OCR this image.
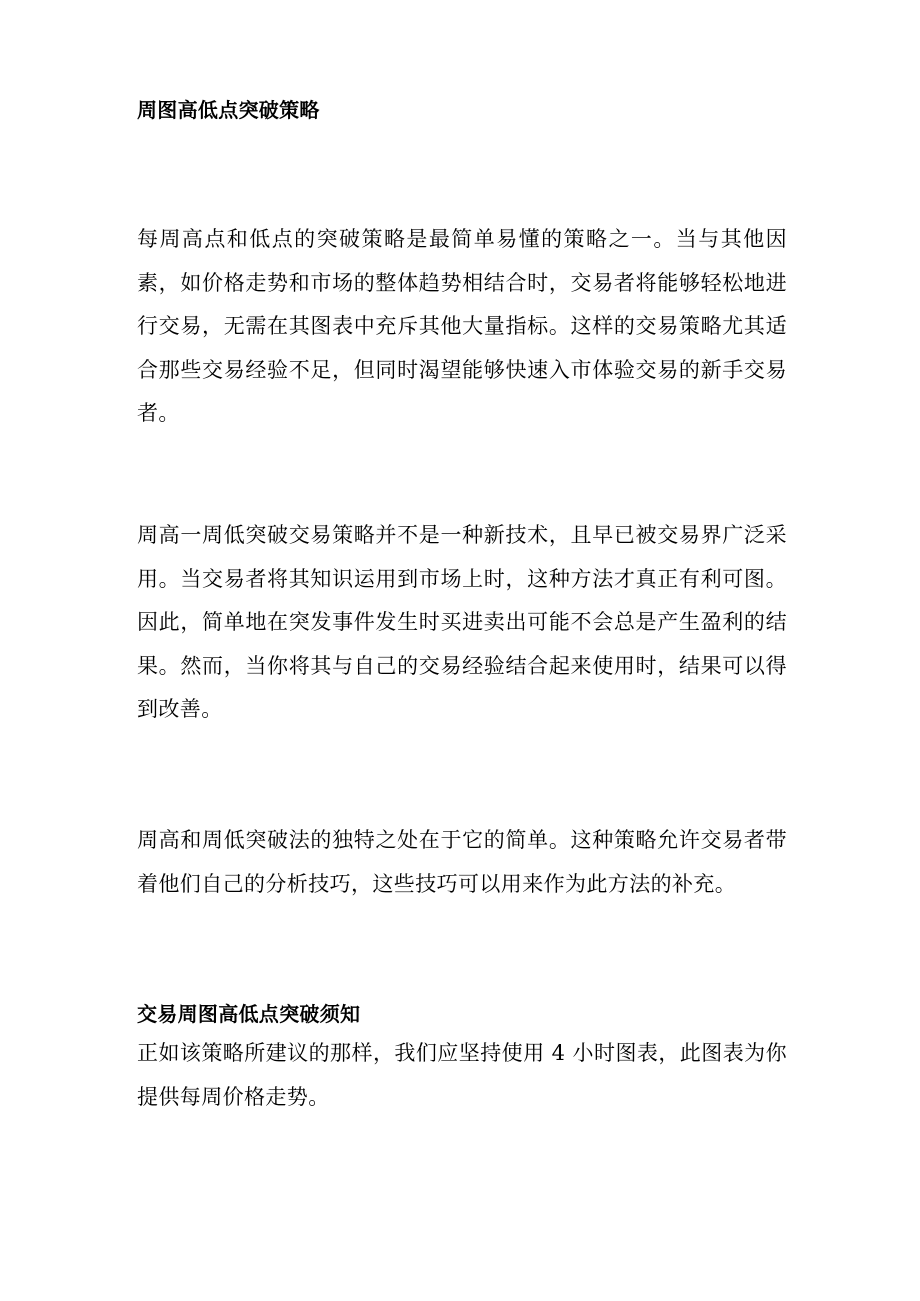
周图高低点突破策略

每周高点和低点的突破策略是最简单易懂的策略之一。当与其他因素，如价格走势和市场的整体趋势相结合时，交易者将能够轻松地进行交易，无需在其图表中充斥其他大量指标。这样的交易策略尤其适合那些交易经验不足，但同时渴望能够快速入市体验交易的新手交易者。

周高一周低突破交易策略并不是一种新技术，且早已被交易界广泛采用。当交易者将其知识运用到市场上时，这种方法才真正有利可图。因此，简单地在突发事件发生时买进卖出可能不会总是产生盈利的结果。然而，当你将其与自己的交易经验结合起来使用时，结果可以得到改善。

周高和周低突破法的独特之处在于它的简单。这种策略允许交易者带着他们自己的分析技巧，这些技巧可以用来作为此方法的补充。

交易周图高低点突破须知

正如该策略所建议的那样，我们应坚持使用 4 小时图表，此图表为你提供每周价格走势。
